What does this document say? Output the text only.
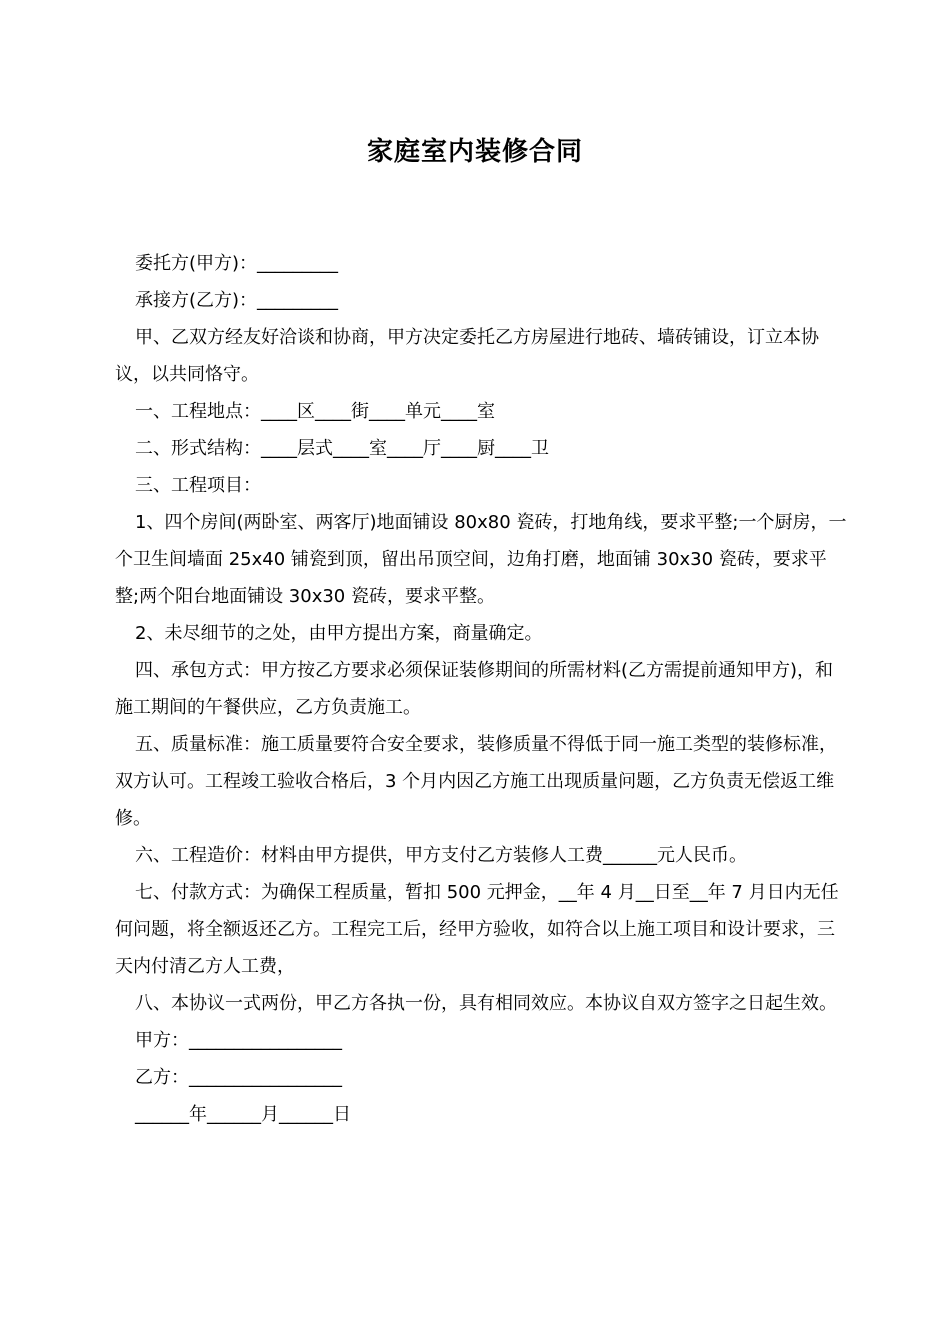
家庭室内装修合同

委托方(甲方)：_________

承接方(乙方)：_________

甲、乙双方经友好洽谈和协商，甲方决定委托乙方房屋进行地砖、墙砖铺设，订立本协议，以共同恪守。

一、工程地点：____区____街____单元____室

二、形式结构：____层式____室____厅____厨____卫

三、工程项目：

1、四个房间(两卧室、两客厅)地面铺设 80x80 瓷砖，打地角线，要求平整;一个厨房，一个卫生间墙面 25x40 铺瓷到顶，留出吊顶空间，边角打磨，地面铺 30x30 瓷砖，要求平整;两个阳台地面铺设 30x30 瓷砖，要求平整。

2、未尽细节的之处，由甲方提出方案，商量确定。

四、承包方式：甲方按乙方要求必须保证装修期间的所需材料(乙方需提前通知甲方)，和施工期间的午餐供应，乙方负责施工。

五、质量标准：施工质量要符合安全要求，装修质量不得低于同一施工类型的装修标准，双方认可。工程竣工验收合格后，3 个月内因乙方施工出现质量问题，乙方负责无偿返工维修。

六、工程造价：材料由甲方提供，甲方支付乙方装修人工费______元人民币。

七、付款方式：为确保工程质量，暂扣 500 元押金，__年 4 月__日至__年 7 月日内无任何问题，将全额返还乙方。工程完工后，经甲方验收，如符合以上施工项目和设计要求，三天内付清乙方人工费，

八、本协议一式两份，甲乙方各执一份，具有相同效应。本协议自双方签字之日起生效。

甲方：_________________

乙方：_________________

______年______月______日
